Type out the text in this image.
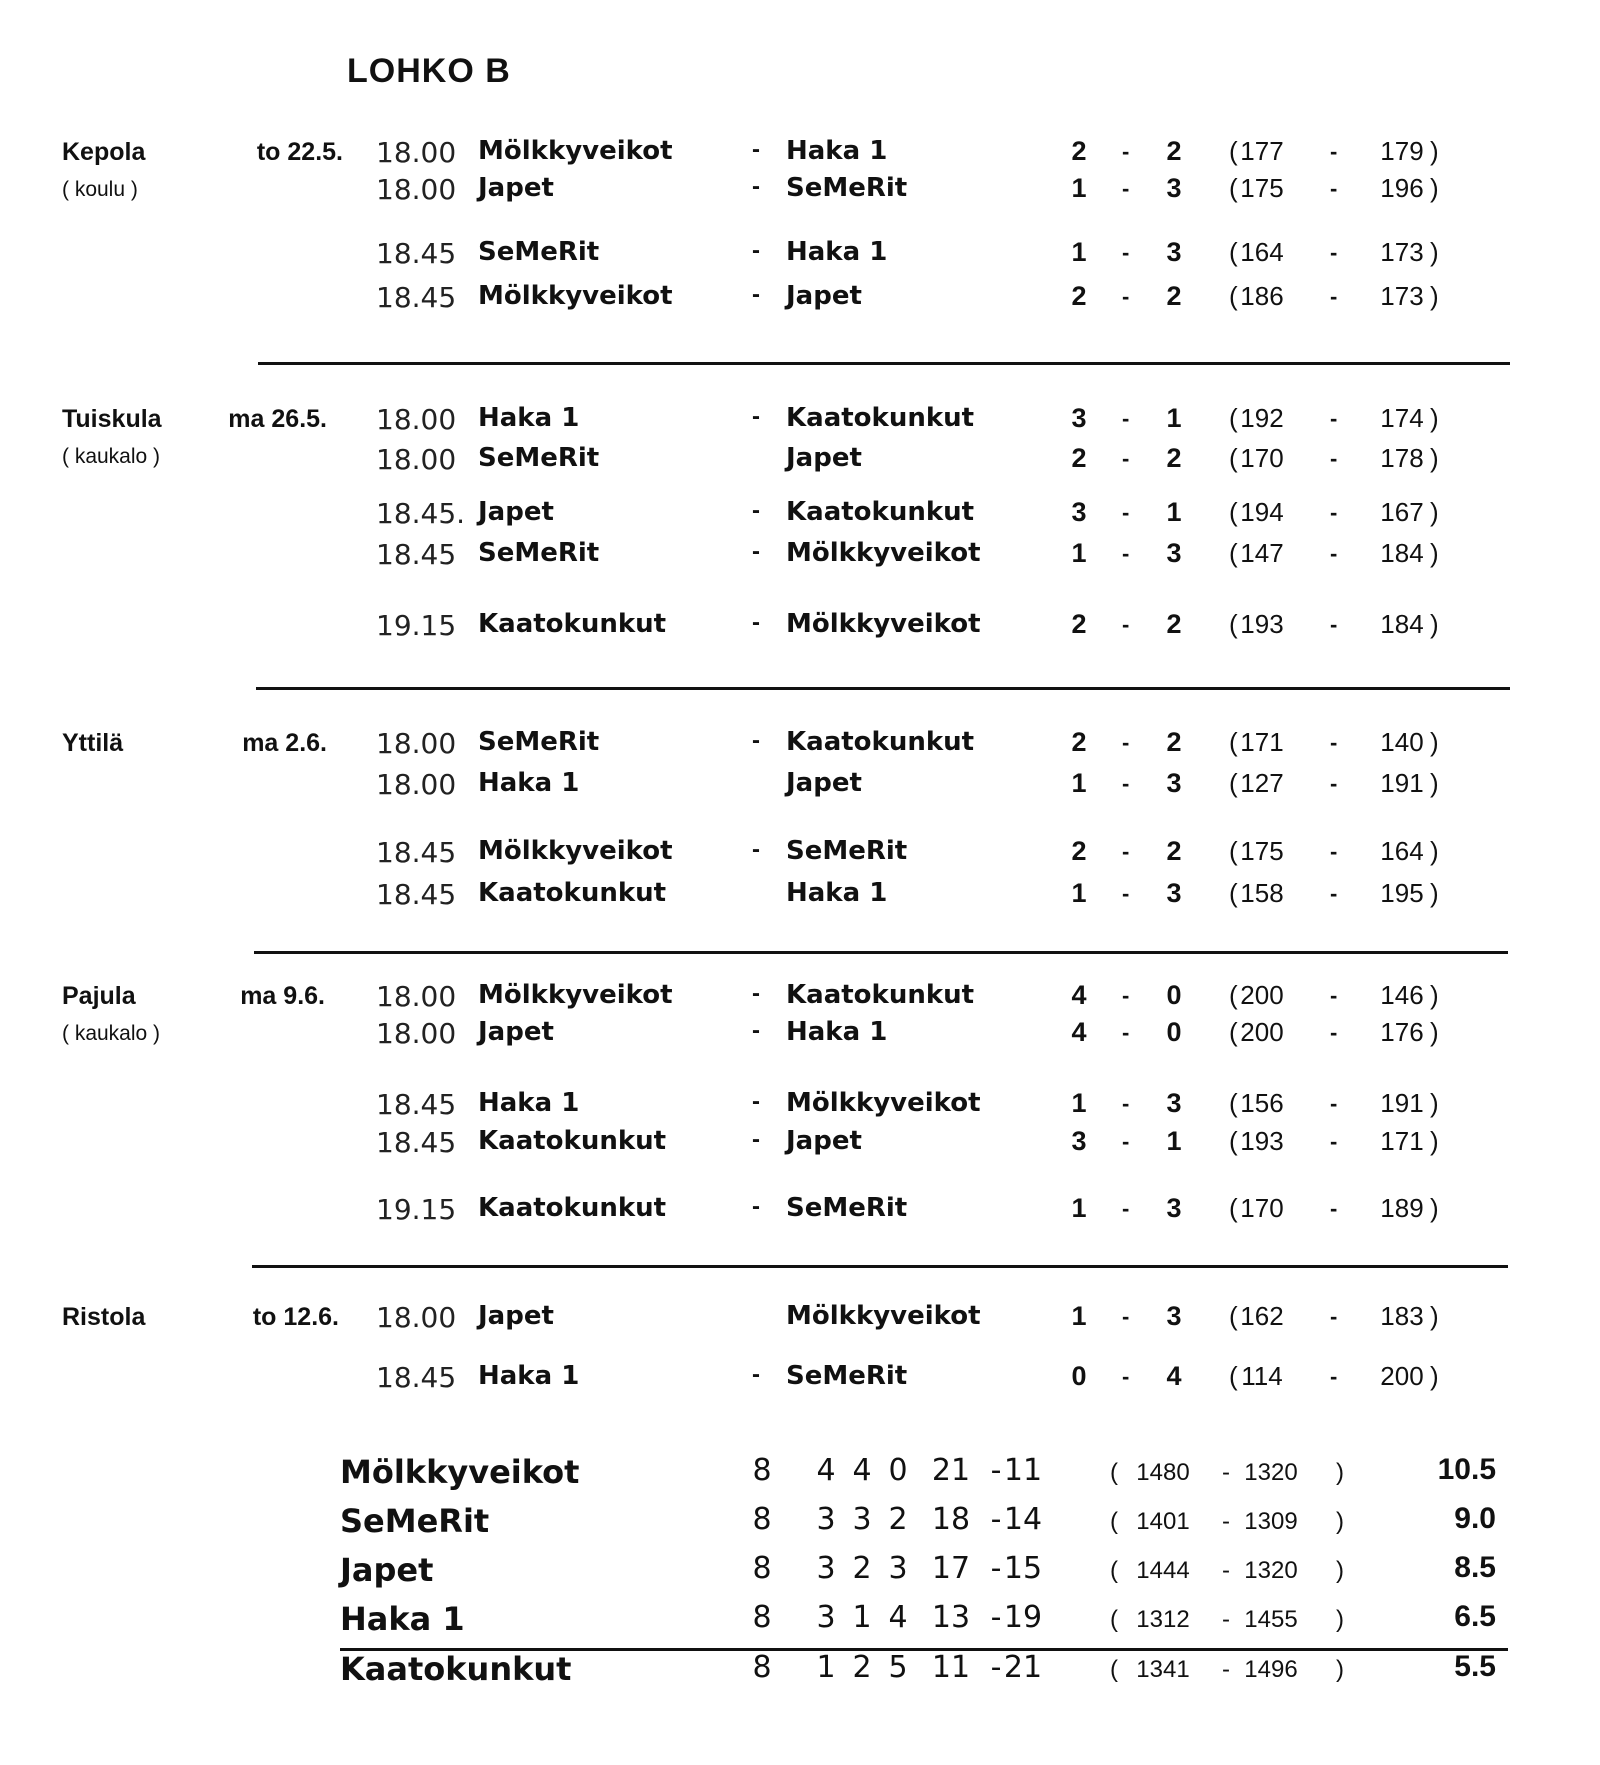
LOHKO B
Kepola
( koulu )
to 22.5. 18.00 Mölkkyveikot	- Haka 1	2	- 2 ( 177	-	179 )
18.00 Japet	- SeMeRit	1	- 3 ( 175	-	196 )
18.45 SeMeRit	- Haka 1	1	- 3 ( 164	-	173 )
18.45 Mölkkyveikot	- Japet	2	- 2 ( 186	-	173 )
Tuiskula
( kaukalo )
ma 26.5. 18.00 Haka 1	- Kaatokunkut	3	- 1 ( 192	-	174 )
18.00 SeMeRit	Japet	2	- 2 ( 170	-	178 )
18.45. Japet	- Kaatokunkut	3	- 1 ( 194	-	167 )
18.45 SeMeRit	- Mölkkyveikot	1	- 3 ( 147	-	184 )
19.15 Kaatokunkut	- Mölkkyveikot	2	- 2 ( 193	-	184 )
Yttilä	ma 2.6. 18.00 SeMeRit	- Kaatokunkut	2	- 2 ( 171	-	140 )
18.00 Haka 1	Japet	1	- 3 ( 127	-	191 )
18.45 Mölkkyveikot	- SeMeRit	2	- 2 ( 175	-	164 )
18.45 Kaatokunkut	Haka 1	1	- 3 ( 158	-	195 )
Pajula
( kaukalo )
ma 9.6. 18.00 Mölkkyveikot	- Kaatokunkut	4	- 0 ( 200	-	146 )
18.00 Japet	- Haka 1	4	- 0 ( 200	-	176 )
18.45 Haka 1	- Mölkkyveikot	1	- 3 ( 156	-	191 )
18.45 Kaatokunkut	- Japet	3	- 1 ( 193	-	171 )
19.15 Kaatokunkut	- SeMeRit	1	- 3 ( 170	-	189 )
Ristola	to 12.6. 18.00 Japet	Mölkkyveikot	1	- 3 ( 162	-	183 )
18.45 Haka 1	- SeMeRit	0	- 4 ( 114	-	200 )
Mölkkyveikot	8 4 4 0 21 - 11	( 1480	- 1320	)	10.5
SeMeRit	8 3 3 2 18 - 14	( 1401	- 1309	)	9.0
Japet	8 3 2 3 17 - 15	( 1444	- 1320	)	8.5
Haka 1	8 3 1 4 13 - 19	( 1312	- 1455	)	6.5
Kaatokunkut	8 1 2 5 11 - 21	( 1341	- 1496	)	5.5
